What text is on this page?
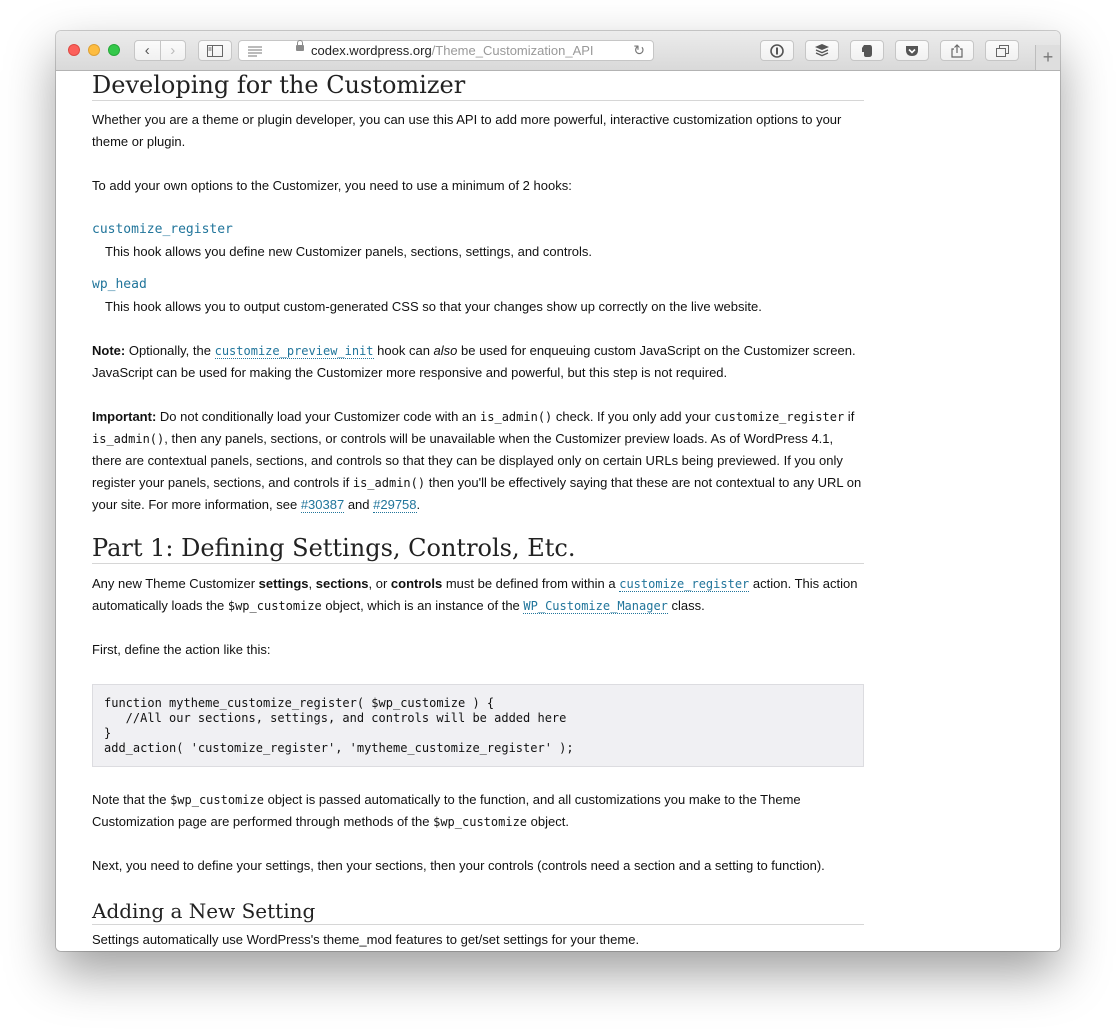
‹	›	codex.wordpress.org/Theme_Customization_API	↻	+
Developing for the Customizer

Whether you are a theme or plugin developer, you can use this API to add more powerful, interactive customization options to your theme or plugin.

To add your own options to the Customizer, you need to use a minimum of 2 hooks:

customize_register
This hook allows you define new Customizer panels, sections, settings, and controls.
wp_head
This hook allows you to output custom-generated CSS so that your changes show up correctly on the live website.

Note: Optionally, the customize_preview_init hook can also be used for enqueuing custom JavaScript on the Customizer screen. JavaScript can be used for making the Customizer more responsive and powerful, but this step is not required.

Important: Do not conditionally load your Customizer code with an is_admin() check. If you only add your customize_register if is_admin(), then any panels, sections, or controls will be unavailable when the Customizer preview loads. As of WordPress 4.1, there are contextual panels, sections, and controls so that they can be displayed only on certain URLs being previewed. If you only register your panels, sections, and controls if is_admin() then you'll be effectively saying that these are not contextual to any URL on your site. For more information, see #30387 and #29758.

Part 1: Defining Settings, Controls, Etc.

Any new Theme Customizer settings, sections, or controls must be defined from within a customize_register action. This action automatically loads the $wp_customize object, which is an instance of the WP_Customize_Manager class.

First, define the action like this:

function mytheme_customize_register( $wp_customize ) {
//All our sections, settings, and controls will be added here
}
add_action( 'customize_register', 'mytheme_customize_register' );

Note that the $wp_customize object is passed automatically to the function, and all customizations you make to the Theme Customization page are performed through methods of the $wp_customize object.

Next, you need to define your settings, then your sections, then your controls (controls need a section and a setting to function).

Adding a New Setting

Settings automatically use WordPress's theme_mod features to get/set settings for your theme.
